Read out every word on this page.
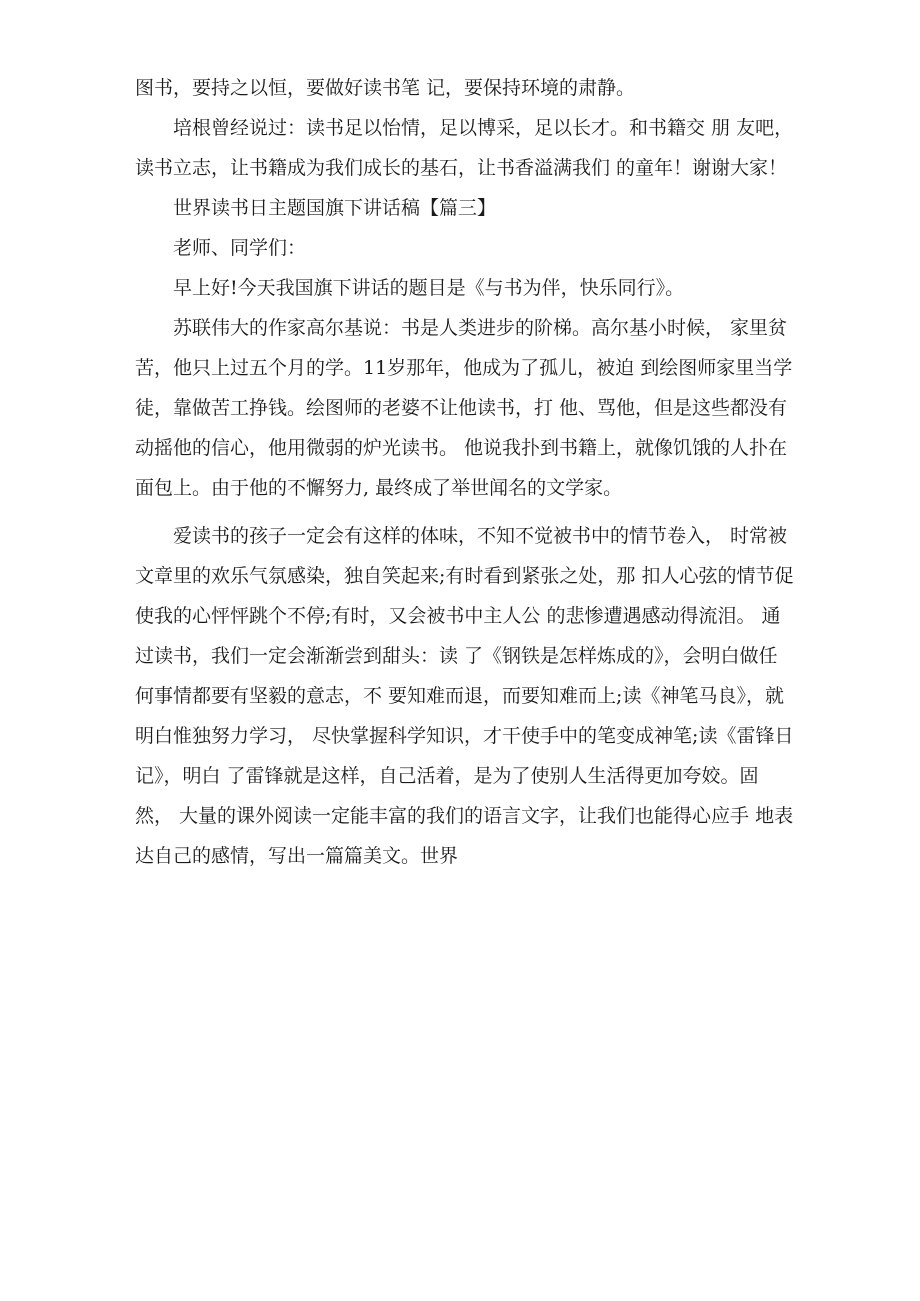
图书，要持之以恒，要做好读书笔 记，要保持环境的肃静。

培根曾经说过：读书足以怡情，足以博采，足以长才。和书籍交 朋 友吧，读书立志，让书籍成为我们成长的基石，让书香溢满我们 的童年！谢谢大家！

世界读书日主题国旗下讲话稿【篇三】

老师、同学们：

早上好!今天我国旗下讲话的题目是《与书为伴，快乐同行》。

苏联伟大的作家高尔基说：书是人类进步的阶梯。高尔基小时候， 家里贫苦，他只上过五个月的学。11岁那年，他成为了孤儿，被迫 到绘图师家里当学徒，靠做苦工挣钱。绘图师的老婆不让他读书，打 他、骂他，但是这些都没有动摇他的信心，他用微弱的炉光读书。 他说我扑到书籍上，就像饥饿的人扑在面包上。由于他的不懈努力, 最终成了举世闻名的文学家。

爱读书的孩子一定会有这样的体味，不知不觉被书中的情节卷入， 时常被文章里的欢乐气氛感染，独自笑起来;有时看到紧张之处，那 扣人心弦的情节促使我的心怦怦跳个不停;有时，又会被书中主人公 的悲惨遭遇感动得流泪。 通过读书，我们一定会渐渐尝到甜头：读 了《钢铁是怎样炼成的》，会明白做任何事情都要有坚毅的意志，不 要知难而退，而要知难而上;读《神笔马良》，就明白惟独努力学习， 尽快掌握科学知识，才干使手中的笔变成神笔;读《雷锋日记》，明白 了雷锋就是这样，自己活着，是为了使别人生活得更加夸姣。固然， 大量的课外阅读一定能丰富的我们的语言文字，让我们也能得心应手 地表达自己的感情，写出一篇篇美文。世界
